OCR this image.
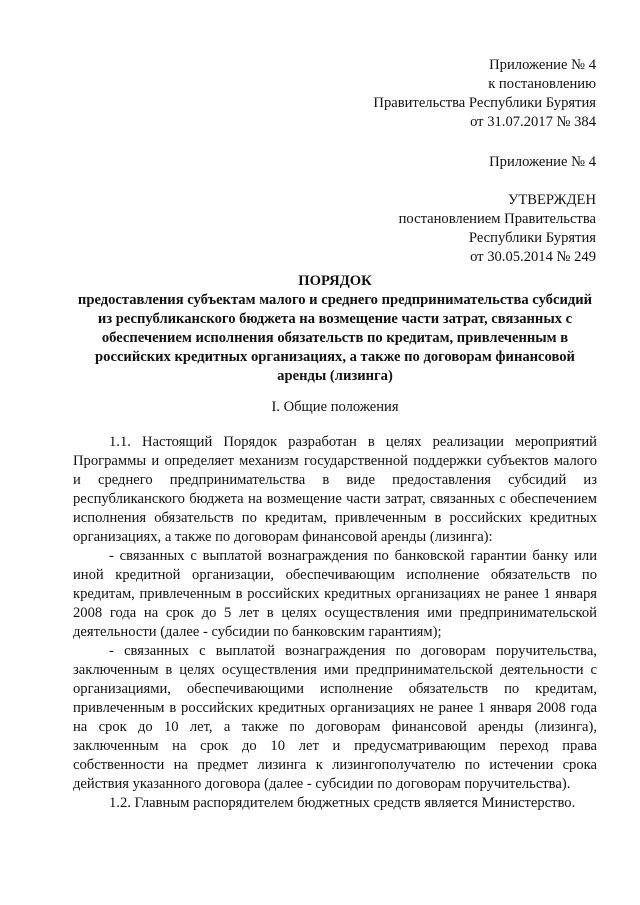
Приложение № 4
к постановлению
Правительства Республики Бурятия
от 31.07.2017 № 384
Приложение № 4
УТВЕРЖДЕН
постановлением Правительства
Республики Бурятия
от 30.05.2014 № 249
ПОРЯДОК
предоставления субъектам малого и среднего предпринимательства субсидий из республиканского бюджета на возмещение части затрат, связанных с обеспечением исполнения обязательств по кредитам, привлеченным в российских кредитных организациях, а также по договорам финансовой аренды (лизинга)
I. Общие положения

1.1. Настоящий Порядок разработан в целях реализации мероприятий Программы и определяет механизм государственной поддержки субъектов малого и среднего предпринимательства в виде предоставления субсидий из республиканского бюджета на возмещение части затрат, связанных с обеспечением исполнения обязательств по кредитам, привлеченным в российских кредитных организациях, а также по договорам финансовой аренды (лизинга):

- связанных с выплатой вознаграждения по банковской гарантии банку или иной кредитной организации, обеспечивающим исполнение обязательств по кредитам, привлеченным в российских кредитных организациях не ранее 1 января 2008 года на срок до 5 лет в целях осуществления ими предпринимательской деятельности (далее - субсидии по банковским гарантиям);

- связанных с выплатой вознаграждения по договорам поручительства, заключенным в целях осуществления ими предпринимательской деятельности с организациями, обеспечивающими исполнение обязательств по кредитам, привлеченным в российских кредитных организациях не ранее 1 января 2008 года на срок до 10 лет, а также по договорам финансовой аренды (лизинга), заключенным на срок до 10 лет и предусматривающим переход права собственности на предмет лизинга к лизингополучателю по истечении срока действия указанного договора (далее - субсидии по договорам поручительства).

1.2. Главным распорядителем бюджетных средств является Министерство.
